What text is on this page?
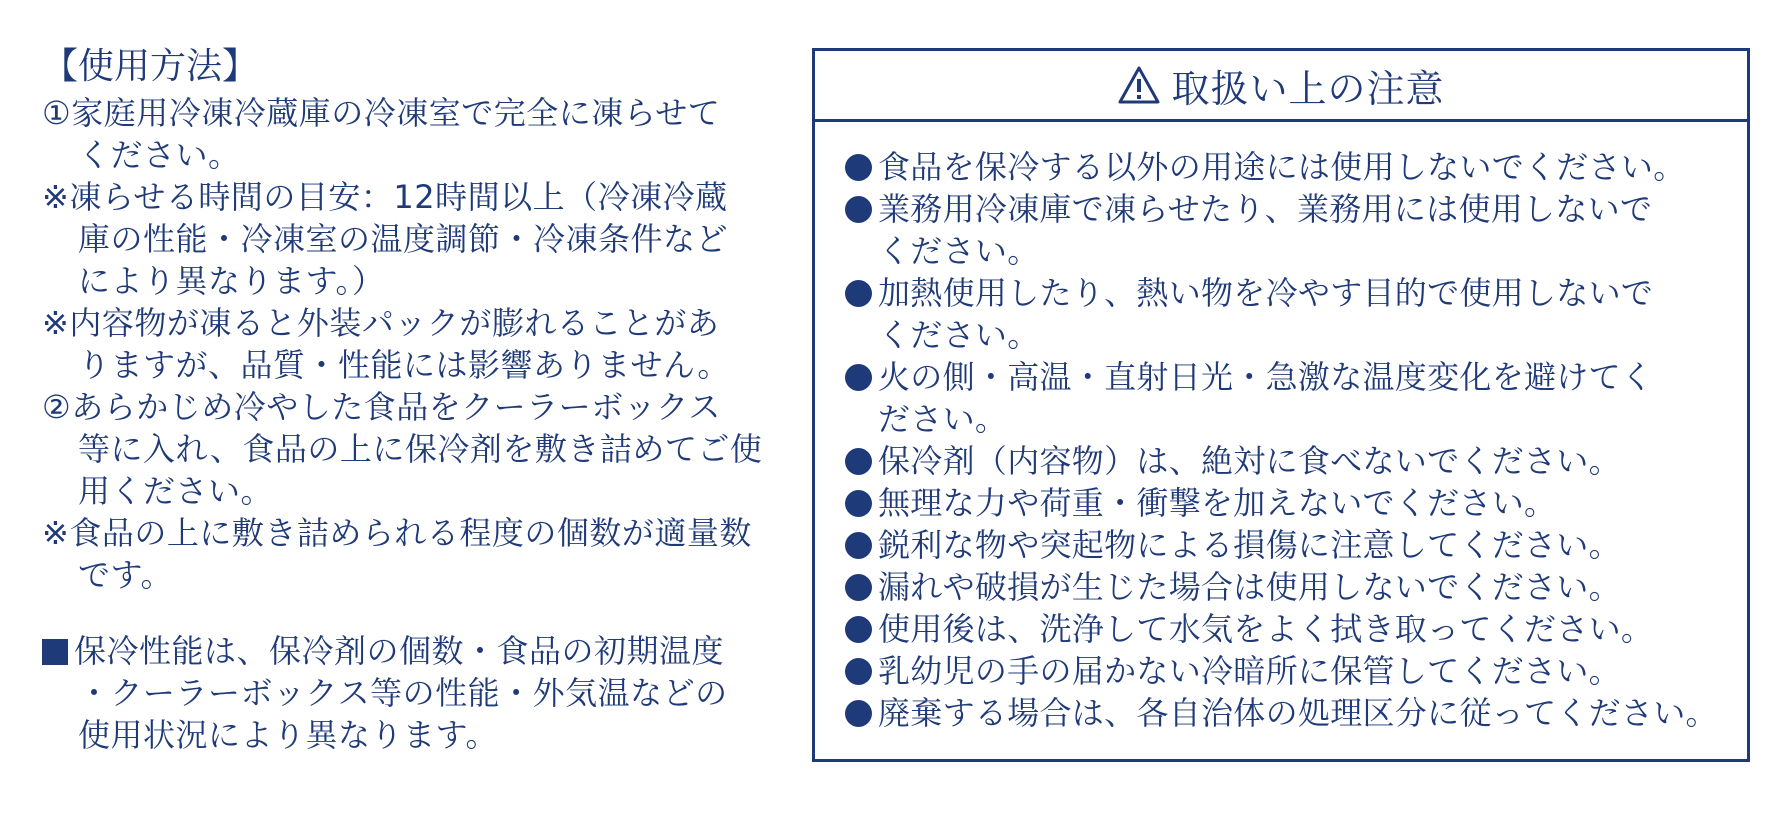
【使用方法】
①家庭用冷凍冷蔵庫の冷凍室で完全に凍らせて
ください。
※凍らせる時間の目安：12時間以上（冷凍冷蔵
庫の性能・冷凍室の温度調節・冷凍条件など
により異なります。）
※内容物が凍ると外装パックが膨れることがあ
りますが、品質・性能には影響ありません。
②あらかじめ冷やした食品をクーラーボックス
等に入れ、食品の上に保冷剤を敷き詰めてご使
用ください。
※食品の上に敷き詰められる程度の個数が適量数
です。
保冷性能は、保冷剤の個数・食品の初期温度
・クーラーボックス等の性能・外気温などの
使用状況により異なります。
取扱い上の注意
食品を保冷する以外の用途には使用しないでください。
業務用冷凍庫で凍らせたり、業務用には使用しないで
ください。
加熱使用したり、熱い物を冷やす目的で使用しないで
ください。
火の側・高温・直射日光・急激な温度変化を避けてく
ださい。
保冷剤（内容物）は、絶対に食べないでください。
無理な力や荷重・衝撃を加えないでください。
鋭利な物や突起物による損傷に注意してください。
漏れや破損が生じた場合は使用しないでください。
使用後は、洗浄して水気をよく拭き取ってください。
乳幼児の手の届かない冷暗所に保管してください。
廃棄する場合は、各自治体の処理区分に従ってください。
